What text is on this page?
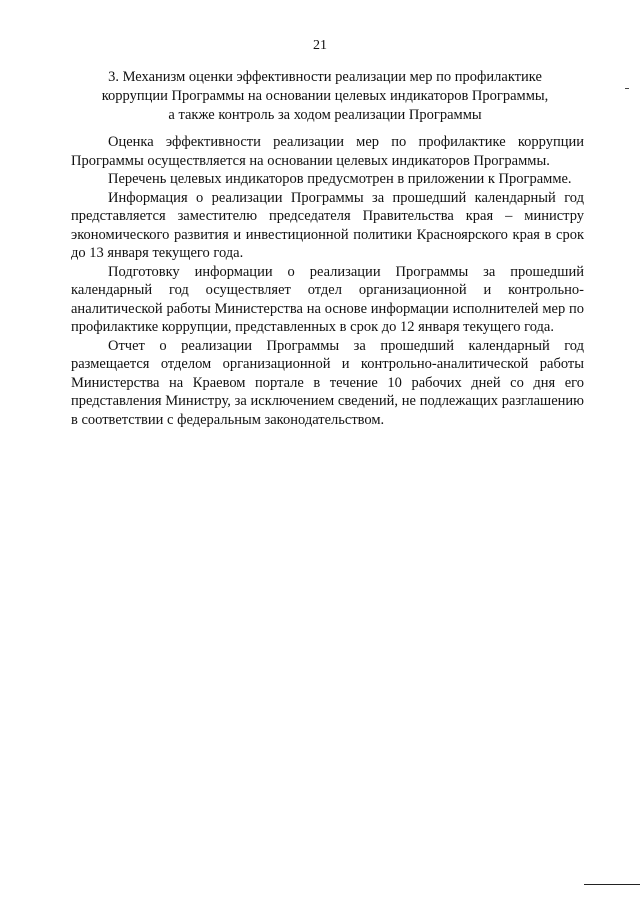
21
3. Механизм оценки эффективности реализации мер по профилактике
коррупции Программы на основании целевых индикаторов Программы,
а также контроль за ходом реализации Программы

Оценка эффективности реализации мер по профилактике коррупции Программы осуществляется на основании целевых индикаторов Программы.

Перечень целевых индикаторов предусмотрен в приложении к Программе.

Информация о реализации Программы за прошедший календарный год представляется заместителю председателя Правительства края – министру экономического развития и инвестиционной политики Красноярского края в срок до 13 января текущего года.

Подготовку информации о реализации Программы за прошедший календарный год осуществляет отдел организационной и контрольно-аналитической работы Министерства на основе информации исполнителей мер по профилактике коррупции, представленных в срок до 12 января текущего года.

Отчет о реализации Программы за прошедший календарный год размещается отделом организационной и контрольно-аналитической работы Министерства на Краевом портале в течение 10 рабочих дней со дня его представления Министру, за исключением сведений, не подлежащих разглашению в соответствии с федеральным законодательством.
